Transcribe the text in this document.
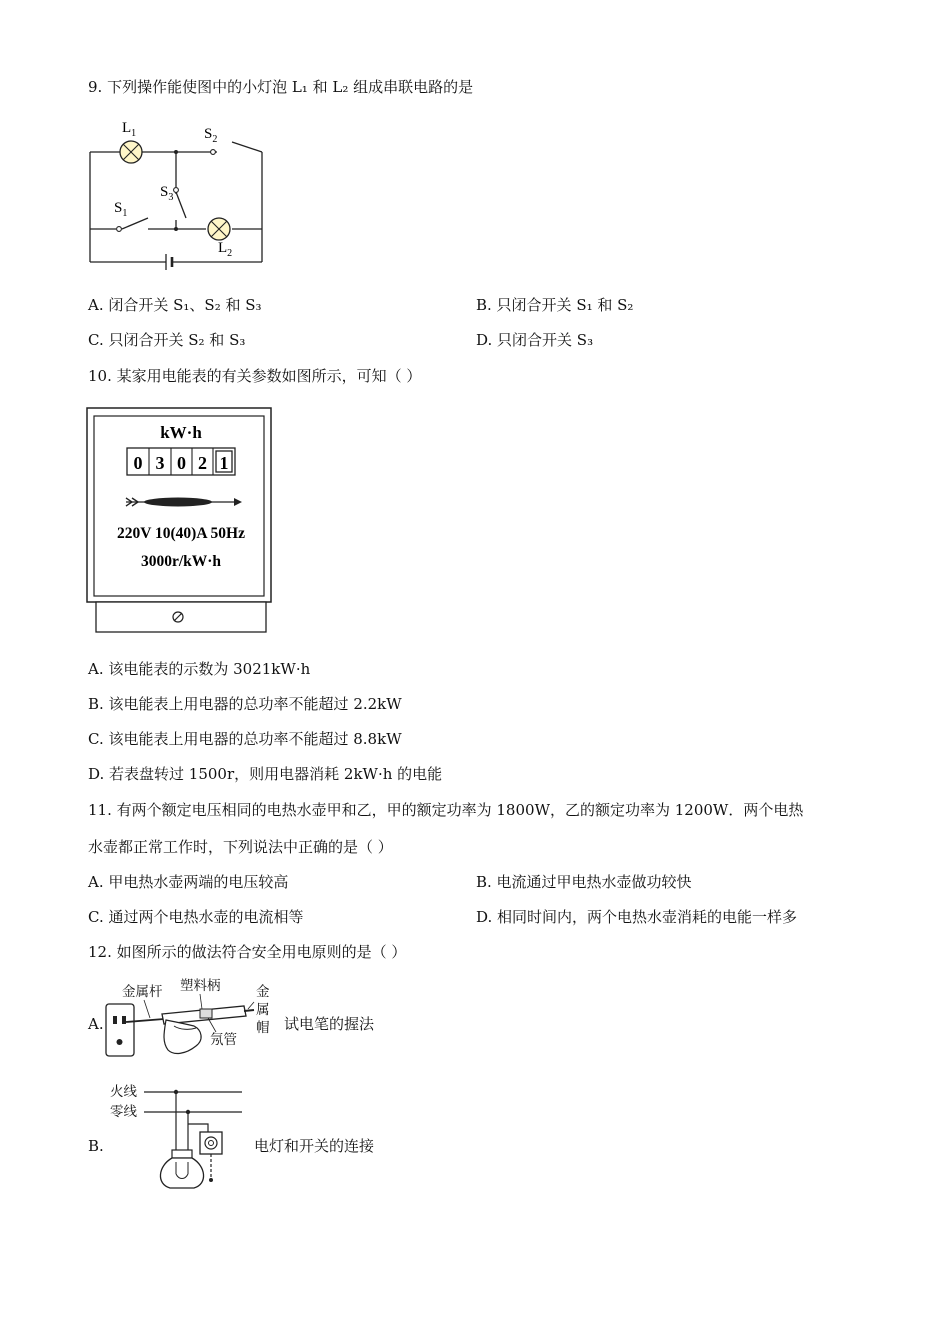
9. 下列操作能使图中的小灯泡 L₁ 和 L₂ 组成串联电路的是
$L_1$	$S_2$
$S_3$
$S_1$
$L_2$
A. 闭合开关 S₁、S₂ 和 S₃	B. 只闭合开关 S₁ 和 S₂
C. 只闭合开关 S₂ 和 S₃	D. 只闭合开关 S₃
10. 某家用电能表的有关参数如图所示，可知（ ）
kW·h
0 3 0 2 1
220V 10(40)A 50Hz
3000r/kW·h
A. 该电能表的示数为 3021kW·h
B. 该电能表上用电器的总功率不能超过 2.2kW
C. 该电能表上用电器的总功率不能超过 8.8kW
D. 若表盘转过 1500r，则用电器消耗 2kW·h 的电能
11. 有两个额定电压相同的电热水壶甲和乙，甲的额定功率为 1800W，乙的额定功率为 1200W．两个电热
水壶都正常工作时，下列说法中正确的是（ ）
A. 甲电热水壶两端的电压较高	B. 电流通过甲电热水壶做功较快
C. 通过两个电热水壶的电流相等	D. 相同时间内，两个电热水壶消耗的电能一样多
12. 如图所示的做法符合安全用电原则的是（ ）
A.
金属杆 塑料柄	金
属
帽
氖管
试电笔的握法
B.
火线
零线
电灯和开关的连接
